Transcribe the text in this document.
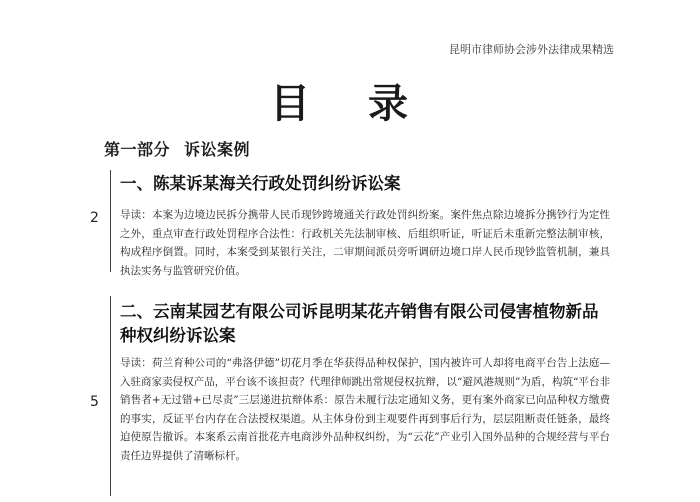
昆明市律师协会涉外法律成果精选
目 录
第一部分 诉讼案例
2
一、陈某诉某海关行政处罚纠纷诉讼案
导读：本案为边境边民拆分携带人民币现钞跨境通关行政处罚纠纷案。案件焦点除边境拆分携钞行为定性之外，重点审查行政处罚程序合法性：行政机关先法制审核、后组织听证，听证后未重新完整法制审核，构成程序倒置。同时，本案受到某银行关注，二审期间派员旁听调研边境口岸人民币现钞监管机制，兼具执法实务与监管研究价值。
5
二、云南某园艺有限公司诉昆明某花卉销售有限公司侵害植物新品种权纠纷诉讼案
导读：荷兰育种公司的“弗洛伊德”切花月季在华获得品种权保护，国内被许可人却将电商平台告上法庭—入驻商家卖侵权产品，平台该不该担责？代理律师跳出常规侵权抗辩，以“避风港规则”为盾，构筑“平台非销售者+无过错+已尽责”三层递进抗辩体系：原告未履行法定通知义务，更有案外商家已向品种权方缴费的事实，反证平台内存在合法授权渠道。从主体身份到主观要件再到事后行为，层层阻断责任链条，最终迫使原告撤诉。本案系云南首批花卉电商涉外品种权纠纷，为“云花”产业引入国外品种的合规经营与平台责任边界提供了清晰标杆。
